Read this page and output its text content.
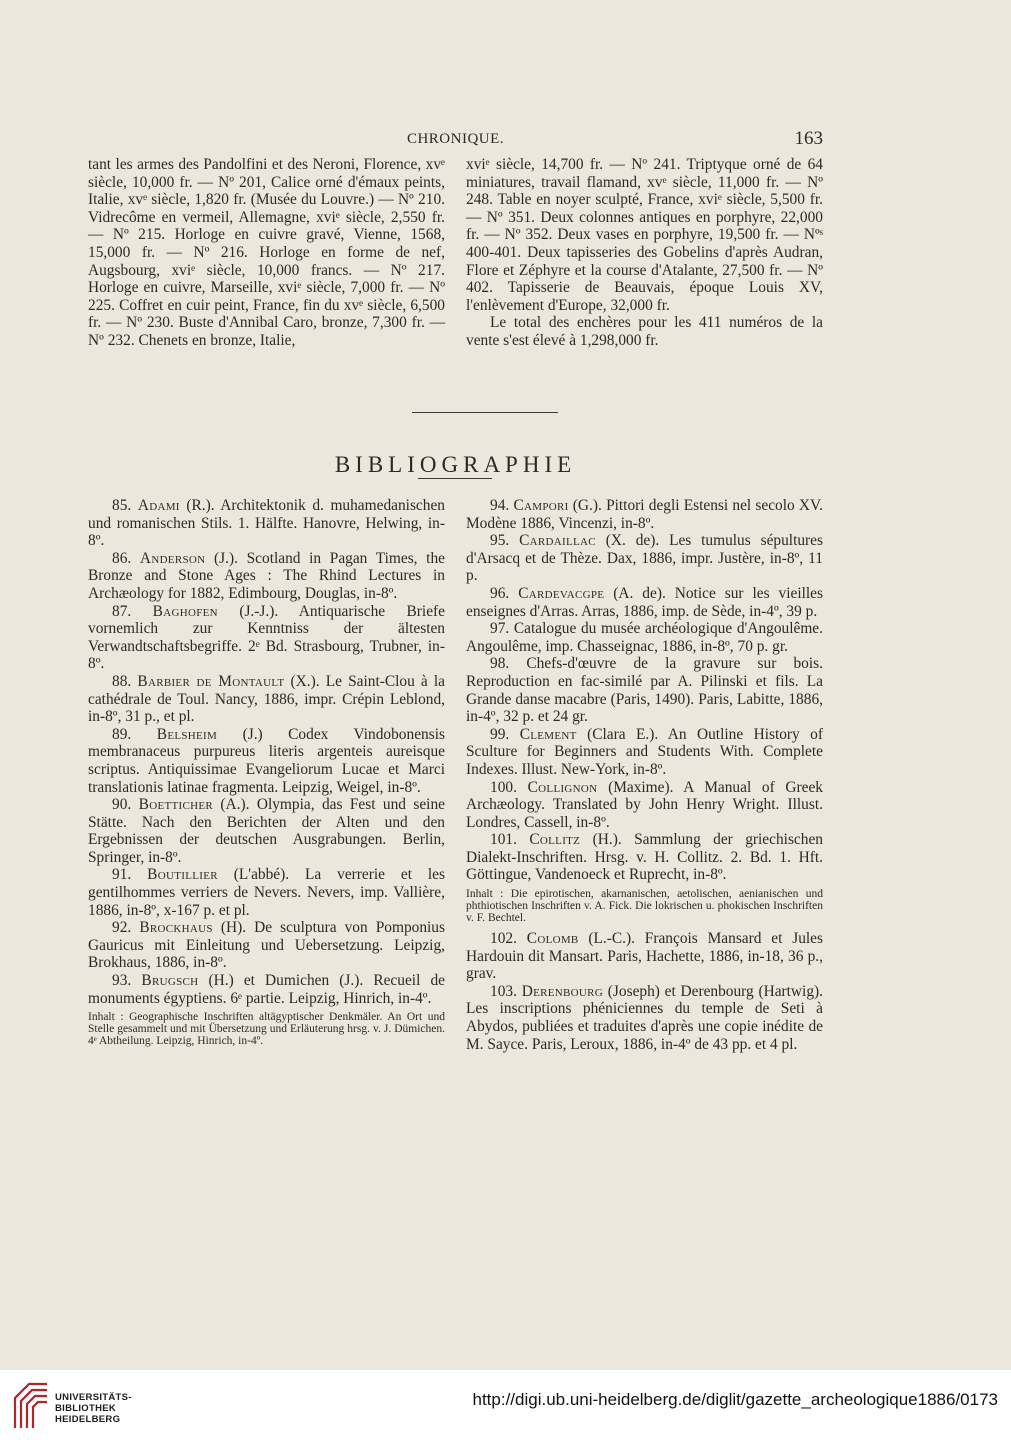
CHRONIQUE.	163

tant les armes des Pandolfini et des Neroni, Florence, xvᵉ siècle, 10,000 fr. — Nº 201, Calice orné d'émaux peints, Italie, xvᵉ siècle, 1,820 fr. (Musée du Louvre.) — Nº 210. Vidrecôme en vermeil, Allemagne, xviᵉ siècle, 2,550 fr. — Nº 215. Horloge en cuivre gravé, Vienne, 1568, 15,000 fr. — Nº 216. Horloge en forme de nef, Augsbourg, xviᵉ siècle, 10,000 francs. — Nº 217. Horloge en cuivre, Marseille, xviᵉ siècle, 7,000 fr. — Nº 225. Coffret en cuir peint, France, fin du xvᵉ siècle, 6,500 fr. — Nº 230. Buste d'Annibal Caro, bronze, 7,300 fr. — Nº 232. Chenets en bronze, Italie,

xviᵉ siècle, 14,700 fr. — Nº 241. Triptyque orné de 64 miniatures, travail flamand, xvᵉ siècle, 11,000 fr. — Nº 248. Table en noyer sculpté, France, xviᵉ siècle, 5,500 fr. — Nº 351. Deux colonnes antiques en porphyre, 22,000 fr. — Nº 352. Deux vases en porphyre, 19,500 fr. — Nºˢ 400-401. Deux tapisseries des Gobelins d'après Audran, Flore et Zéphyre et la course d'Atalante, 27,500 fr. — Nº 402. Tapisserie de Beauvais, époque Louis XV, l'enlèvement d'Europe, 32,000 fr.

Le total des enchères pour les 411 numéros de la vente s'est élevé à 1,298,000 fr.

BIBLIOGRAPHIE

85. Adami (R.). Architektonik d. muhamedanischen und romanischen Stils. 1. Hälfte. Hanovre, Helwing, in-8º.

86. Anderson (J.). Scotland in Pagan Times, the Bronze and Stone Ages : The Rhind Lectures in Archæology for 1882, Edimbourg, Douglas, in-8º.

87. Baghofen (J.-J.). Antiquarische Briefe vornemlich zur Kenntniss der ältesten Verwandtschaftsbegriffe. 2ᵉ Bd. Strasbourg, Trubner, in-8º.

88. Barbier de Montault (X.). Le Saint-Clou à la cathédrale de Toul. Nancy, 1886, impr. Crépin Leblond, in-8º, 31 p., et pl.

89. Belsheim (J.) Codex Vindobonensis membranaceus purpureus literis argenteis aureisque scriptus. Antiquissimae Evangeliorum Lucae et Marci translationis latinae fragmenta. Leipzig, Weigel, in-8º.

90. Boetticher (A.). Olympia, das Fest und seine Stätte. Nach den Berichten der Alten und den Ergebnissen der deutschen Ausgrabungen. Berlin, Springer, in-8º.

91. Boutillier (L'abbé). La verrerie et les gentilhommes verriers de Nevers. Nevers, imp. Vallière, 1886, in-8º, x-167 p. et pl.

92. Brockhaus (H). De sculptura von Pomponius Gauricus mit Einleitung und Uebersetzung. Leipzig, Brokhaus, 1886, in-8º.

93. Brugsch (H.) et Dumichen (J.). Recueil de monuments égyptiens. 6ᵉ partie. Leipzig, Hinrich, in-4º.

Inhalt : Geographische Inschriften altägyptischer Denkmäler. An Ort und Stelle gesammelt und mit Übersetzung und Erläuterung hrsg. v. J. Dümichen. 4ᵉ Abtheilung. Leipzig, Hinrich, in-4º.

94. Campori (G.). Pittori degli Estensi nel secolo XV. Modène 1886, Vincenzi, in-8º.

95. Cardaillac (X. de). Les tumulus sépultures d'Arsacq et de Thèze. Dax, 1886, impr. Justère, in-8º, 11 p.

96. Cardevacgpe (A. de). Notice sur les vieilles enseignes d'Arras. Arras, 1886, imp. de Sède, in-4º, 39 p.

97. Catalogue du musée archéologique d'Angoulême. Angoulême, imp. Chasseignac, 1886, in-8º, 70 p. gr.

98. Chefs-d'œuvre de la gravure sur bois. Reproduction en fac-similé par A. Pilinski et fils. La Grande danse macabre (Paris, 1490). Paris, Labitte, 1886, in-4º, 32 p. et 24 gr.

99. Clement (Clara E.). An Outline History of Sculture for Beginners and Students With. Complete Indexes. Illust. New-York, in-8º.

100. Collignon (Maxime). A Manual of Greek Archæology. Translated by John Henry Wright. Illust. Londres, Cassell, in-8º.

101. Collitz (H.). Sammlung der griechischen Dialekt-Inschriften. Hrsg. v. H. Collitz. 2. Bd. 1. Hft. Göttingue, Vandenoeck et Ruprecht, in-8º.

Inhalt : Die epirotischen, akarnanischen, aetolischen, aenianischen und phthiotischen Inschriften v. A. Fick. Die lokrischen u. phokischen Inschriften v. F. Bechtel.

102. Colomb (L.-C.). François Mansard et Jules Hardouin dit Mansart. Paris, Hachette, 1886, in-18, 36 p., grav.

103. Derenbourg (Joseph) et Derenbourg (Hartwig). Les inscriptions phéniciennes du temple de Seti à Abydos, publiées et traduites d'après une copie inédite de M. Sayce. Paris, Leroux, 1886, in-4º de 43 pp. et 4 pl.

UNIVERSITÄTS-
BIBLIOTHEK
HEIDELBERG
http://digi.ub.uni-heidelberg.de/diglit/gazette_archeologique1886/0173
